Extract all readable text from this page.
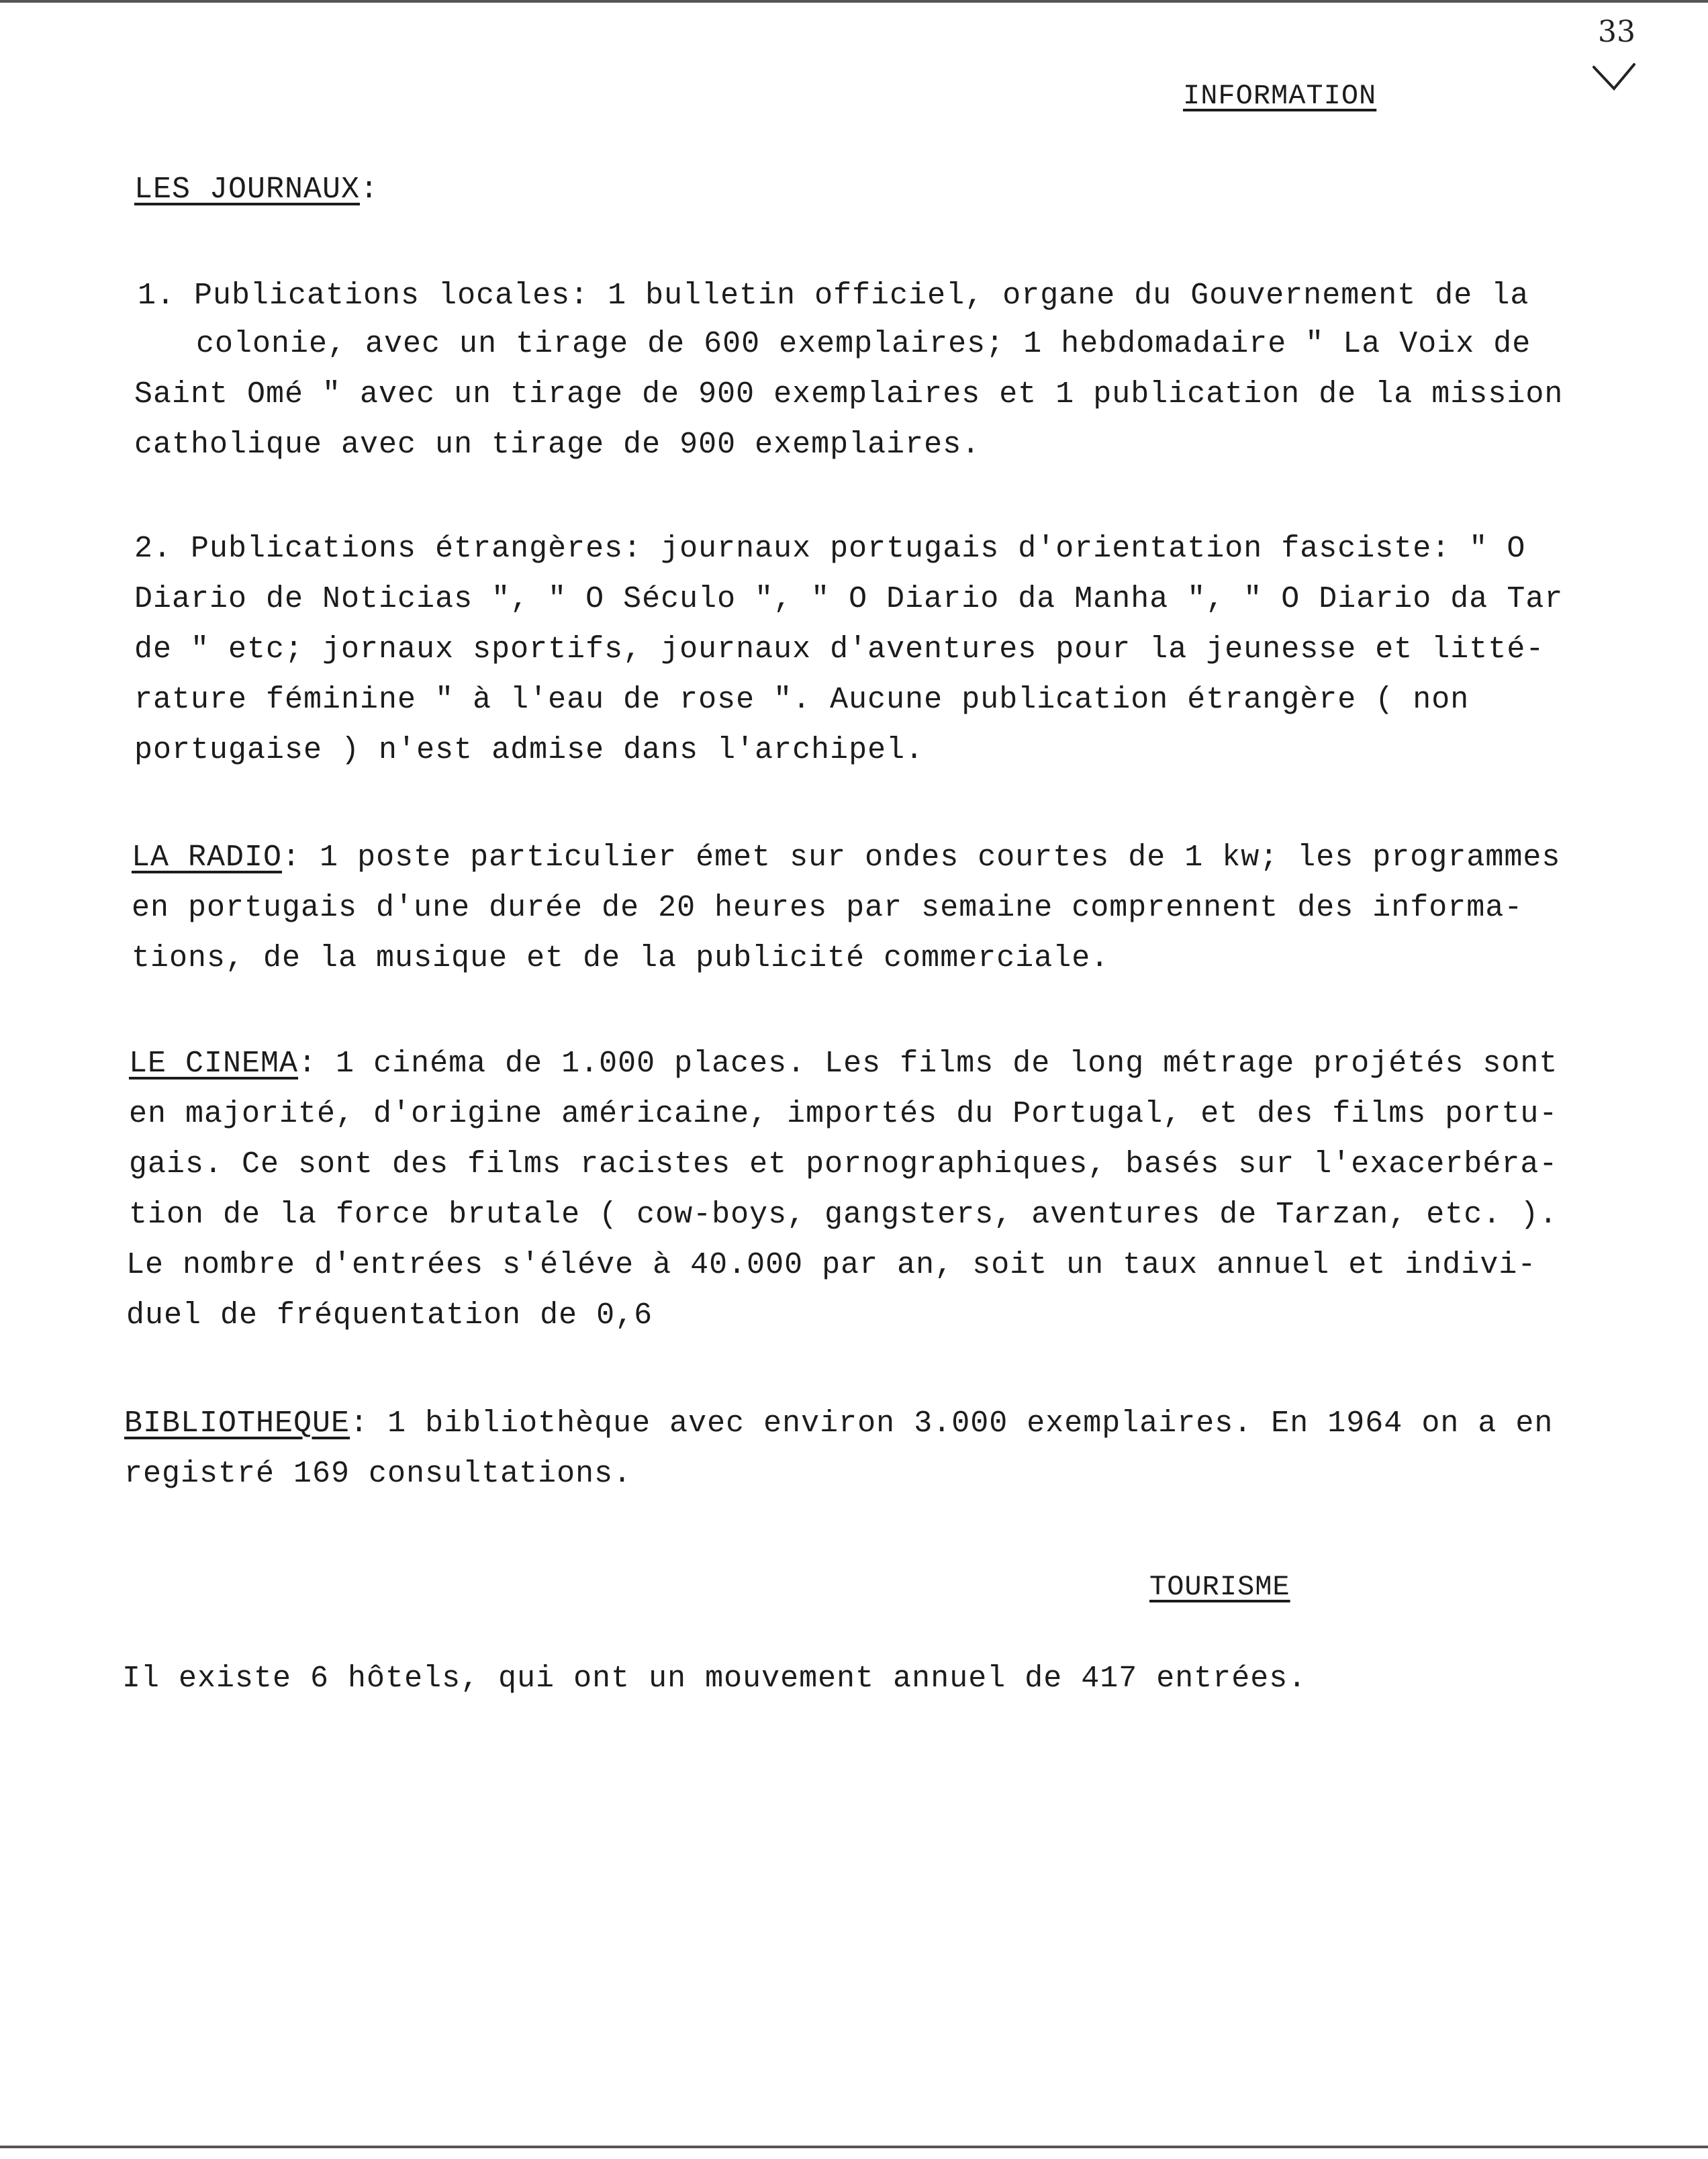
33
INFORMATION
LES JOURNAUX:
1. Publications locales: 1 bulletin officiel, organe du Gouvernement de la
colonie, avec un tirage de 600 exemplaires; 1 hebdomadaire " La Voix de
Saint Omé " avec un tirage de 900 exemplaires et 1 publication de la mission
catholique avec un tirage de 900 exemplaires.
2. Publications étrangères: journaux portugais d'orientation fasciste: " O
Diario de Noticias ", " O Século ", " O Diario da Manha ", " O Diario da Tar
de " etc; jornaux sportifs, journaux d'aventures pour la jeunesse et litté-
rature féminine " à l'eau de rose ". Aucune publication étrangère ( non
portugaise ) n'est admise dans l'archipel.
LA RADIO: 1 poste particulier émet sur ondes courtes de 1 kw; les programmes
en portugais d'une durée de 20 heures par semaine comprennent des informa-
tions, de la musique et de la publicité commerciale.
LE CINEMA: 1 cinéma de 1.000 places. Les films de long métrage projétés sont
en majorité, d'origine américaine, importés du Portugal, et des films portu-
gais. Ce sont des films racistes et pornographiques, basés sur l'exacerbéra-
tion de la force brutale ( cow-boys, gangsters, aventures de Tarzan, etc. ).
Le nombre d'entrées s'éléve à 40.000 par an, soit un taux annuel et indivi-
duel de fréquentation de 0,6
BIBLIOTHEQUE: 1 bibliothèque avec environ 3.000 exemplaires. En 1964 on a en
registré 169 consultations.
TOURISME
Il existe 6 hôtels, qui ont un mouvement annuel de 417 entrées.
